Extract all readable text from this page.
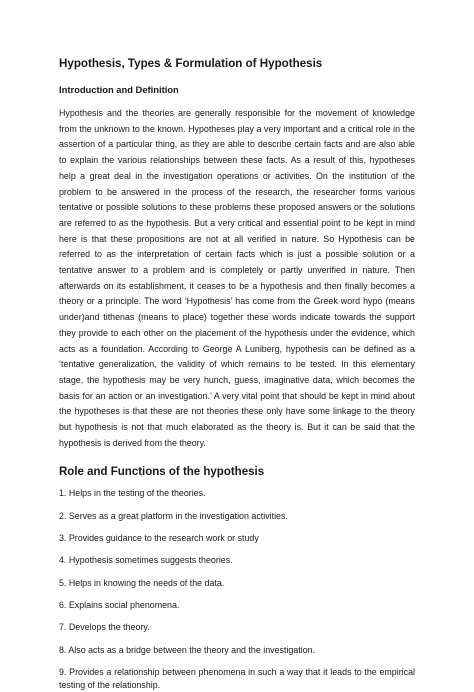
Hypothesis, Types & Formulation of Hypothesis
Introduction and Definition

Hypothesis and the theories are generally responsible for the movement of knowledge from the unknown to the known. Hypotheses play a very important and a critical role in the assertion of a particular thing, as they are able to describe certain facts and are also able to explain the various relationships between these facts. As a result of this, hypotheses help a great deal in the investigation operations or activities. On the institution of the problem to be answered in the process of the research, the researcher forms various tentative or possible solutions to these problems these proposed answers or the solutions are referred to as the hypothesis. But a very critical and essential point to be kept in mind here is that these propositions are not at all verified in nature. So Hypothesis can be referred to as the interpretation of certain facts which is just a possible solution or a tentative answer to a problem and is completely or partly unverified in nature. Then afterwards on its establishment, it ceases to be a hypothesis and then finally becomes a theory or a principle. The word ‘Hypothesis’ has come from the Greek word hypo (means under)and tithenas (means to place) together these words indicate towards the support they provide to each other on the placement of the hypothesis under the evidence, which acts as a foundation. According to George A Luniberg, hypothesis can be defined as a ‘tentative generalization, the validity of which remains to be tested. In this elementary stage, the hypothesis may be very hunch, guess, imaginative data, which becomes the basis for an action or an investigation.’ A very vital point that should be kept in mind about the hypotheses is that these are not theories these only have some linkage to the theory but hypothesis is not that much elaborated as the theory is. But it can be said that the hypothesis is derived from the theory.

Role and Functions of the hypothesis

1. Helps in the testing of the theories.

2. Serves as a great platform in the investigation activities.

3. Provides guidance to the research work or study

4. Hypothesis sometimes suggests theories.

5. Helps in knowing the needs of the data.

6. Explains social phenomena.

7. Develops the theory.

8. Also acts as a bridge between the theory and the investigation.

9. Provides a relationship between phenomena in such a way that it leads to the empirical testing of the relationship.
